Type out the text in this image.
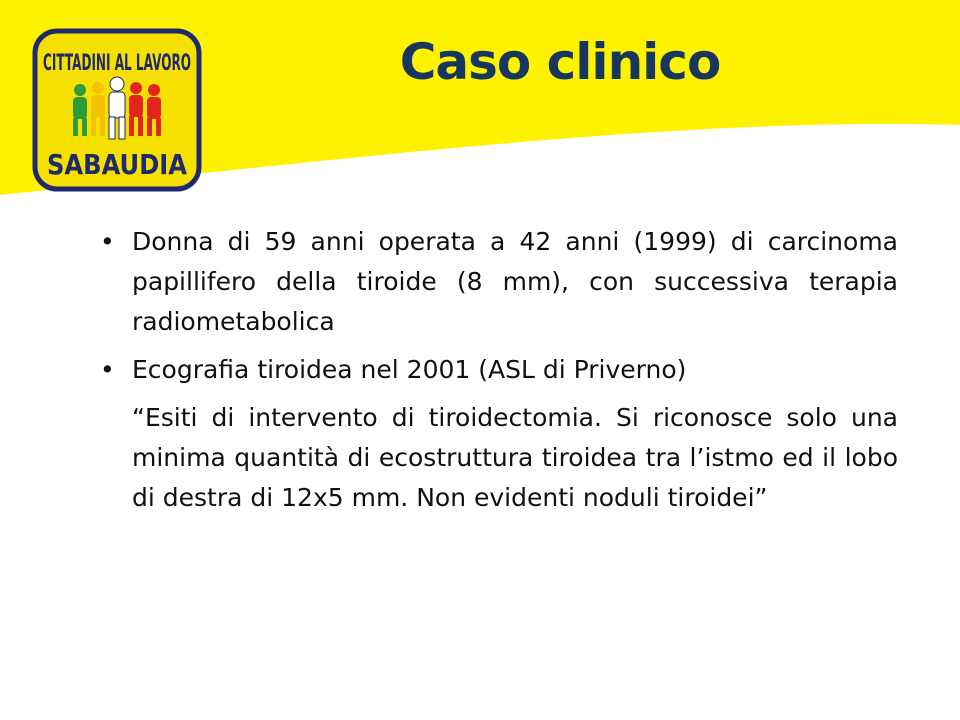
CITTADINI AL LAVORO
SABAUDIA
Caso clinico
• Donna di 59 anni operata a 42 anni (1999) di carcinoma papillifero della tiroide (8 mm), con successiva terapia radiometabolica
• Ecografia tiroidea nel 2001 (ASL di Priverno)
“Esiti di intervento di tiroidectomia. Si riconosce solo una minima quantità di ecostruttura tiroidea tra l’istmo ed il lobo di destra di 12x5 mm. Non evidenti noduli tiroidei”
